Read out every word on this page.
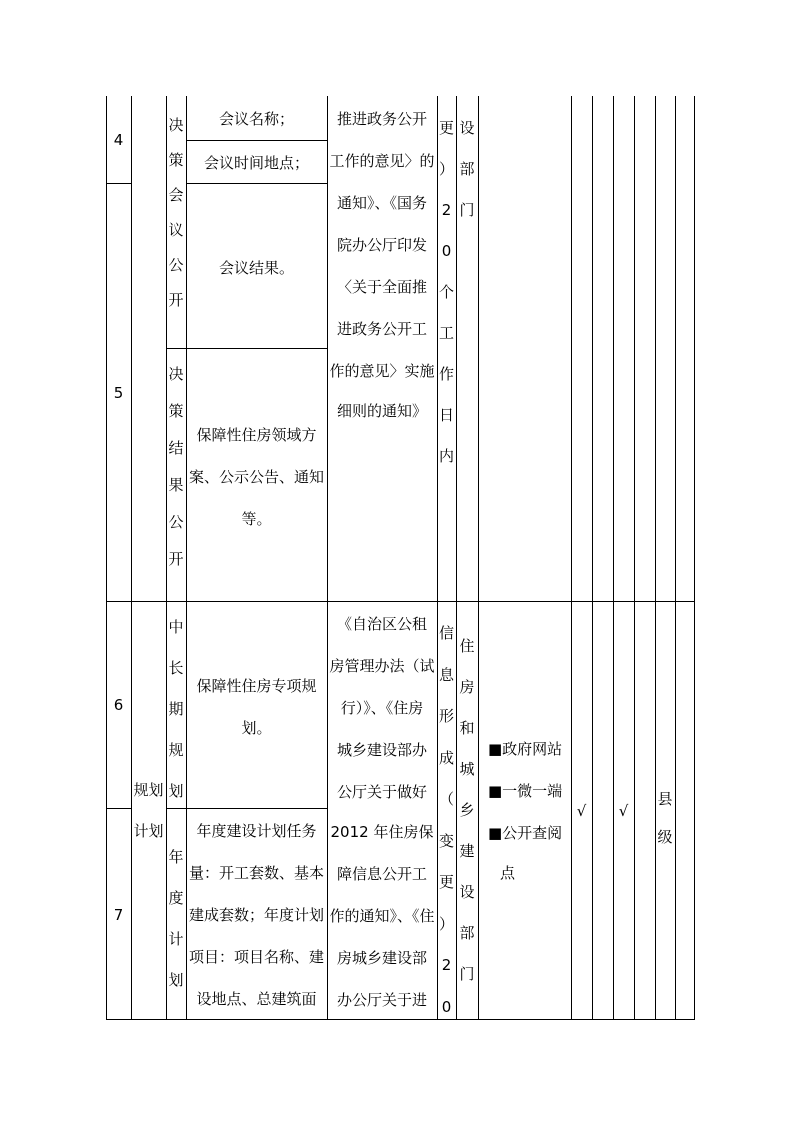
4
5
6
7
规划
计划
决
策
会
议
公
开
决
策
结
果
公
开
中
长
期
规
划
年
度
计
划
会议名称；
会议时间地点；
会议结果。
保障性住房领域方
案、公示公告、通知
等。
保障性住房专项规
划。
年度建设计划任务
量：开工套数、基本
建成套数；年度计划
项目：项目名称、建
设地点、总建筑面
推进政务公开
工作的意见〉的
通知》、《国务
院办公厅印发
〈关于全面推
进政务公开工
作的意见〉实施
细则的通知》
《自治区公租
房管理办法（试
行）》、《住房
城乡建设部办
公厅关于做好
2012 年住房保
障信息公开工
作的通知》、《住
房城乡建设部
办公厅关于进
更
）
2
0
个
工
作
日
内
信
息
形
成
（
变
更
）
2
0
设
部
门
住
房
和
城
乡
建
设
部
门
■政府网站
■一微一端
■公开查阅
点
√	√
县
级
